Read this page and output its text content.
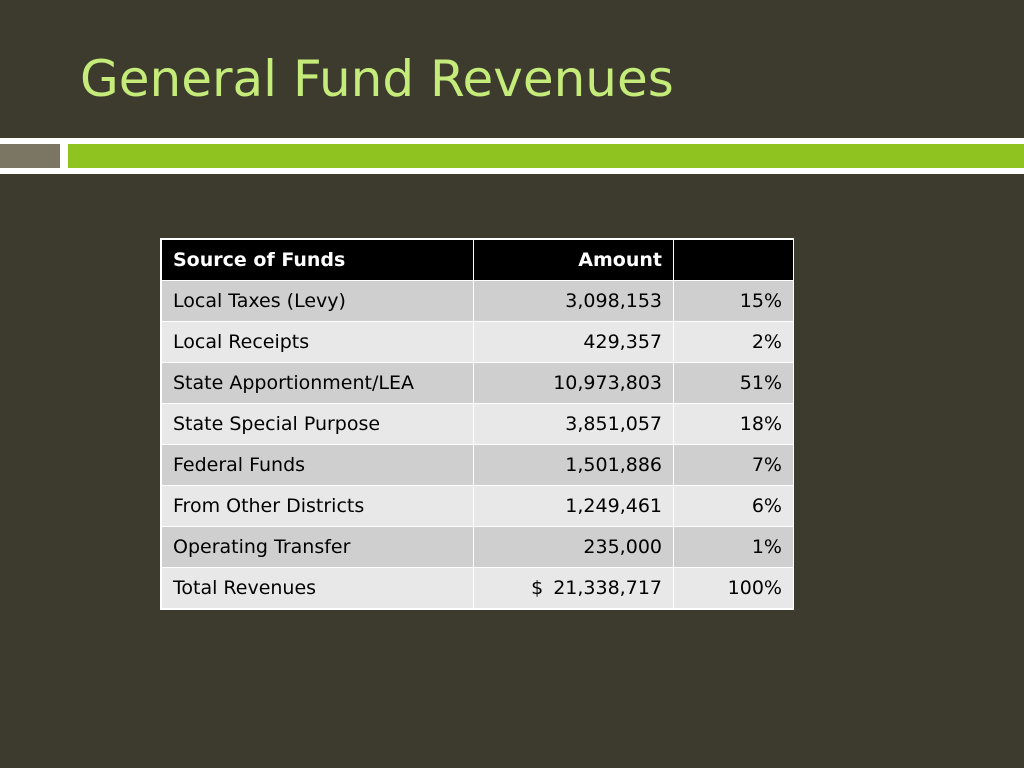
General Fund Revenues
Source of Funds	Amount	
Local Taxes (Levy)	3,098,153	15%
Local Receipts	429,357	2%
State Apportionment/LEA	10,973,803	51%
State Special Purpose	3,851,057	18%
Federal Funds	1,501,886	7%
From Other Districts	1,249,461	6%
Operating Transfer	235,000	1%
Total Revenues	$ 21,338,717	100%
